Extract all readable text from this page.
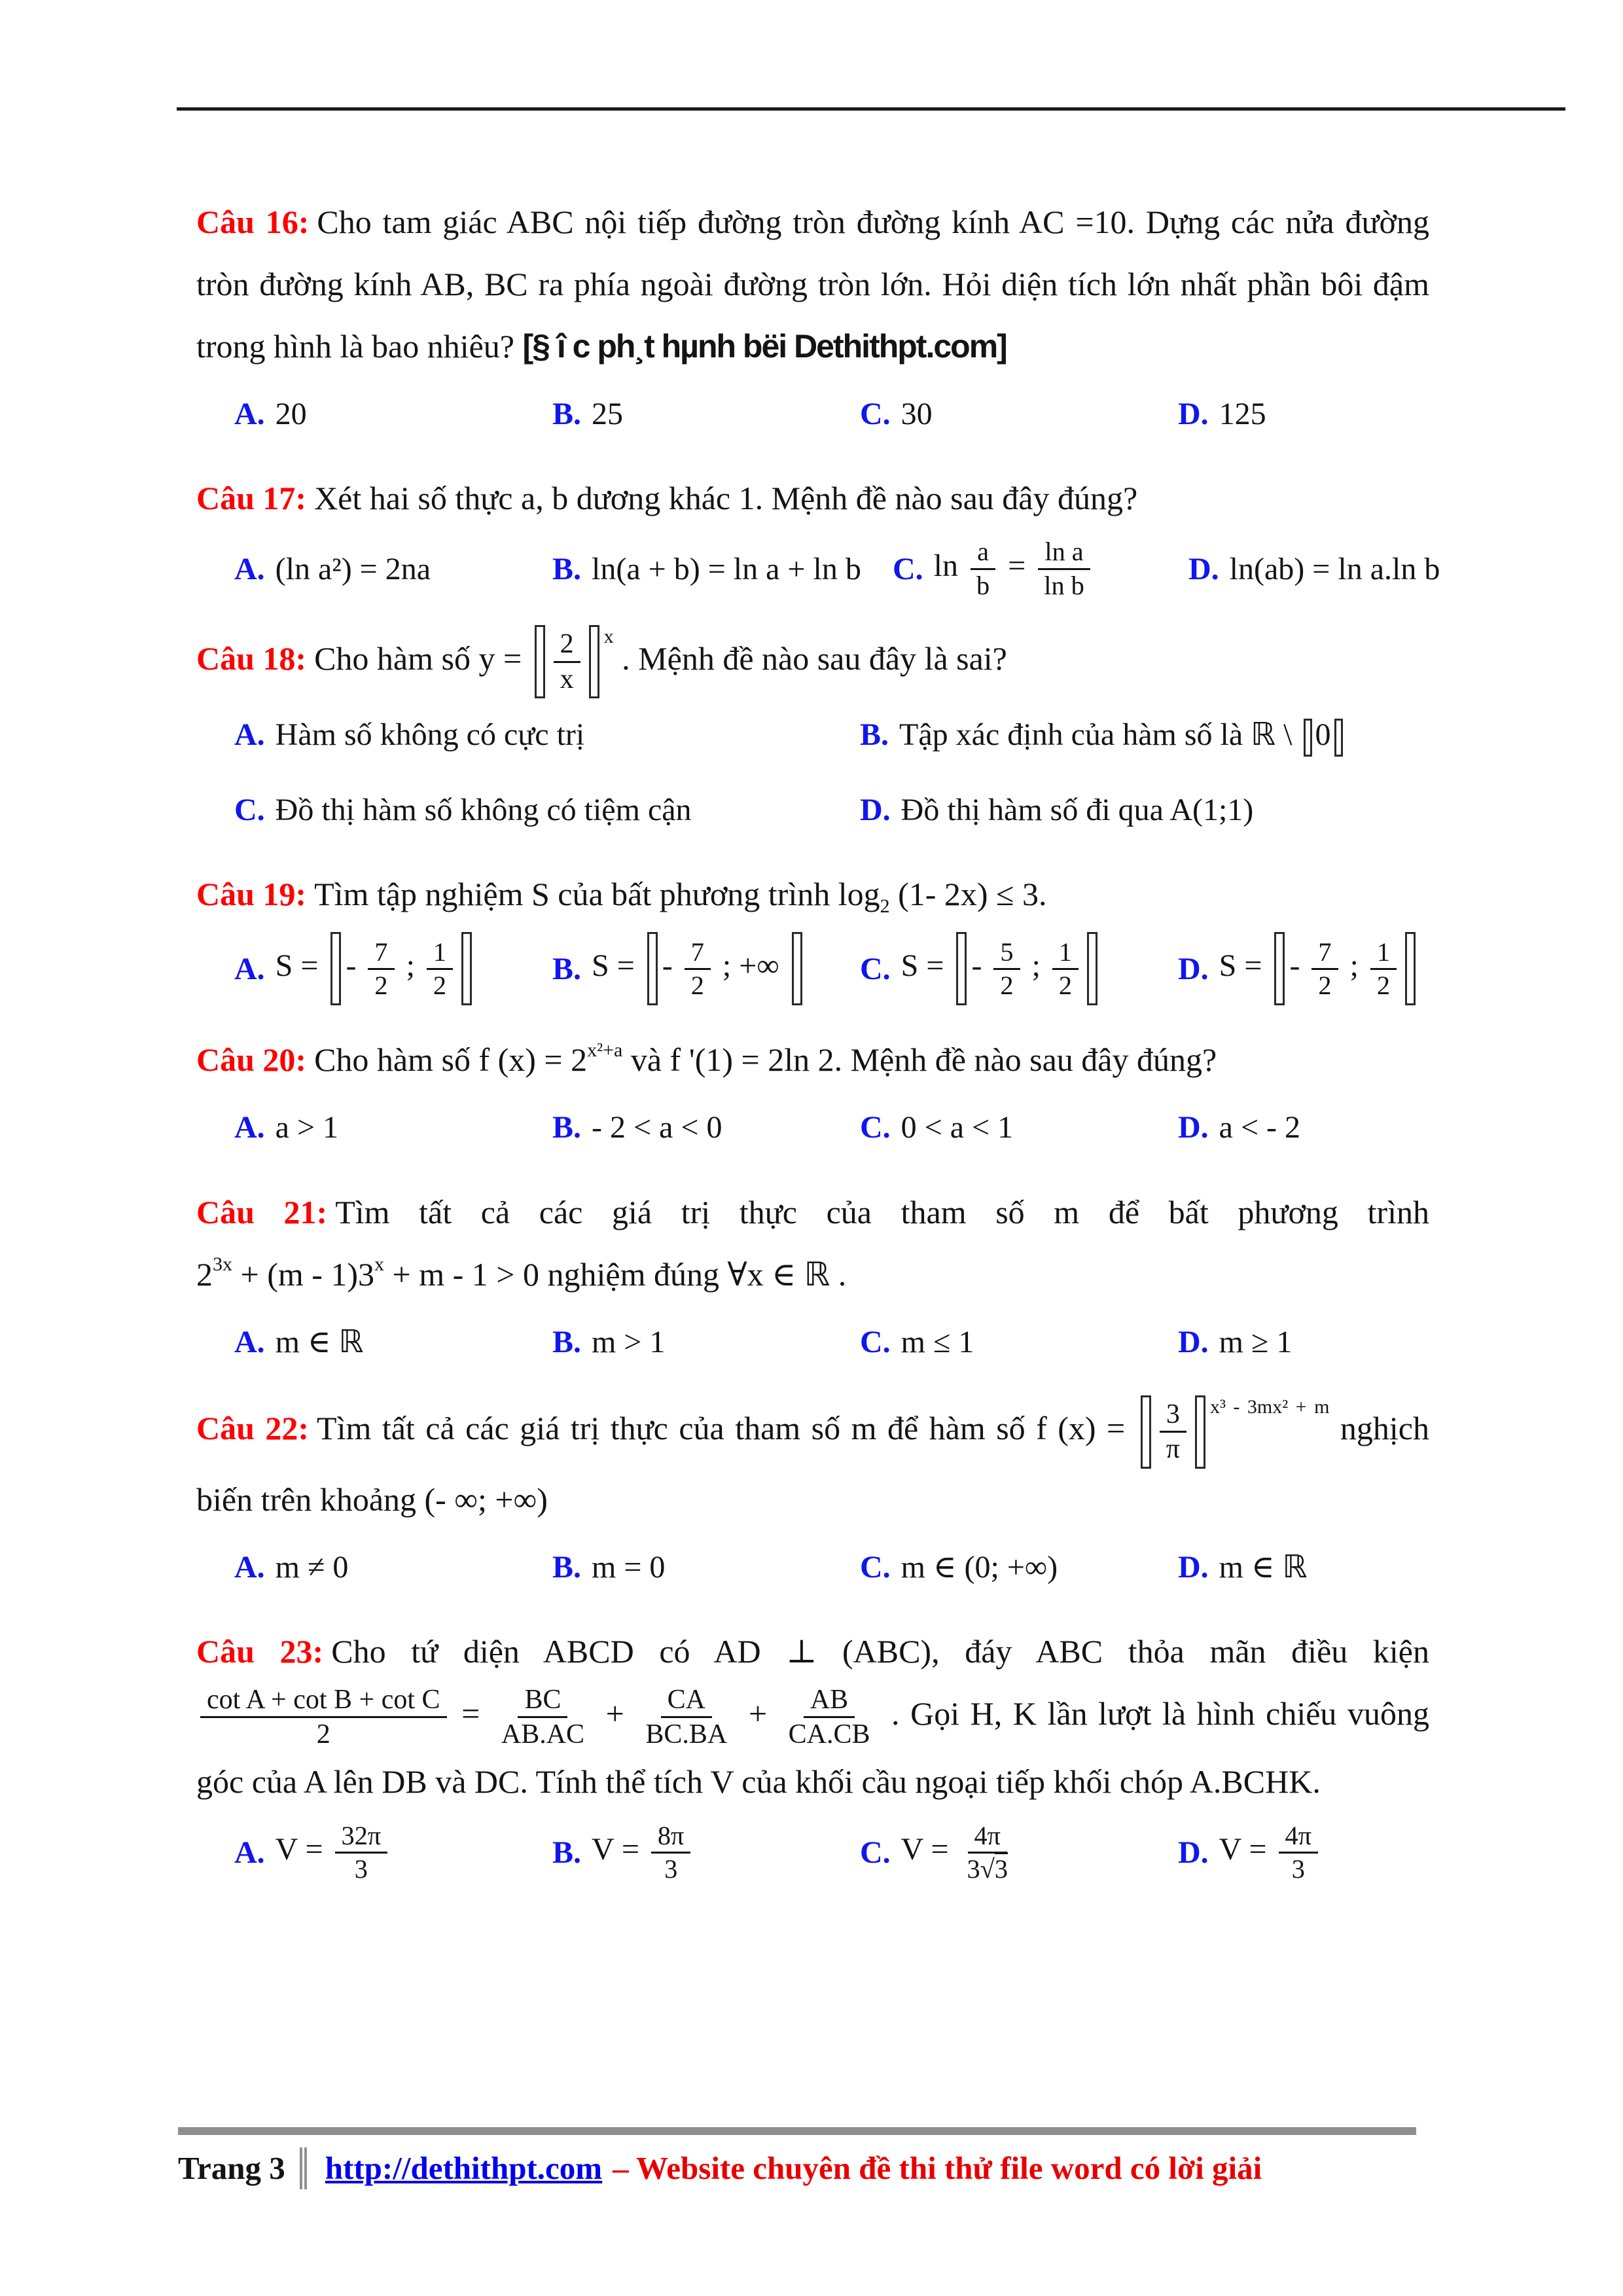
Câu 16: Cho tam giác ABC nội tiếp đường tròn đường kính AC =10. Dựng các nửa đường tròn đường kính AB, BC ra phía ngoài đường tròn lớn. Hỏi diện tích lớn nhất phần bôi đậm trong hình là bao nhiêu? [§ î c ph¸t hµnh bëi Dethithpt.com]

A. 20	B. 25	C. 30	D. 125

Câu 17: Xét hai số thực a, b dương khác 1. Mệnh đề nào sau đây đúng?

A. (ln a²) = 2na	B. ln(a + b) = ln a + ln b C. $\ln \frac{a}{b} = \frac{\text{ln a}}{\text{ln b}}$	D. ln(ab) = ln a.ln b

Câu 18: Cho hàm số $y = \frac{2}{x} ^x$ . Mệnh đề nào sau đây là sai?

A. Hàm số không có cực trị	B. Tập xác định của hàm số là ℝ \ 0
C. Đồ thị hàm số không có tiệm cận	D. Đồ thị hàm số đi qua A(1;1)

Câu 19: Tìm tập nghiệm S của bất phương trình $\log_2 (1-$ 2x) ≤ 3.

A. S = - $\frac{7}{2}$ ; $\frac{1}{2}$	B. S = - $\frac{7}{2}$ ; +∞	C. S = - $\frac{5}{2}$ ; $\frac{1}{2}$	D. S = - $\frac{7}{2}$ ; $\frac{1}{2}$

Câu 20: Cho hàm số f $(x) = 2^{x^2+a}$ và f '(1) = 2ln 2. Mệnh đề nào sau đây đúng?

A. a > 1	B. - 2 < a < 0	C. 0 < a < 1	D. a < - 2

Câu 21: Tìm tất cả các giá trị thực của tham số m để bất phương trình

$2^{3x} + (m - 1)3^x + m - 1 > 0$ nghiệm đúng ∀x ∈ ℝ .

A. m ∈ ℝ	B. m > 1	C. m ≤ 1	D. m ≥ 1

Câu 22: Tìm tất cả các giá trị thực của tham số m để hàm số f $(x) = \frac{3}{\pi} ^{x^3 - 3mx^2 + m}$ nghịch biến trên khoảng (- ∞; +∞)

A. m ≠ 0	B. m = 0	C. m ∈ (0; +∞)	D. m ∈ ℝ

Câu 23: Cho tứ diện ABCD có AD ⊥ (ABC), đáy ABC thỏa mãn điều kiện

$\frac{\text{cot A + cot B + cot C}}{2} = \frac{BC}{AB.AC} + \frac{CA}{BC.BA} + \frac{AB}{CA.CB}$ . Gọi H, K lần lượt là hình chiếu vuông góc của A lên DB và DC. Tính thể tích V của khối cầu ngoại tiếp khối chóp A.BCHK.

A. $V = \frac{32\pi}{3}$	B. $V = \frac{8\pi}{3}$	C. $V = \frac{4\pi}{3√3}$	D. $V = \frac{4\pi}{3}$
Trang 3 http://dethithpt.com – Website chuyên đề thi thử file word có lời giải
